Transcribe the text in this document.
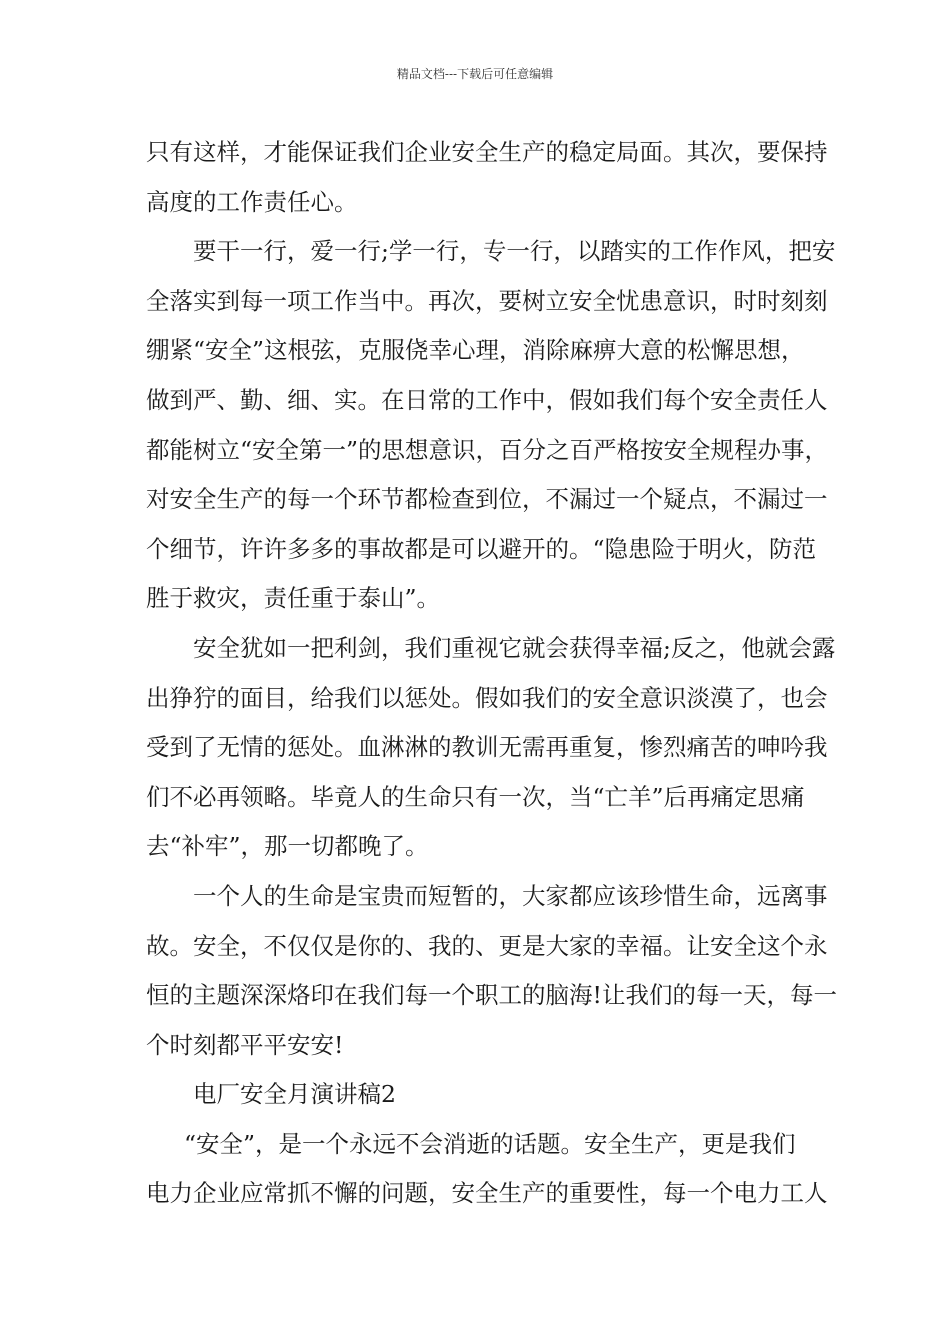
精品文档---下载后可任意编辑
只有这样，才能保证我们企业安全生产的稳定局面。其次，要保持
高度的工作责任心。
要干一行，爱一行;学一行，专一行，以踏实的工作作风，把安
全落实到每一项工作当中。再次，要树立安全忧患意识，时时刻刻
绷紧“安全”这根弦，克服侥幸心理，消除麻痹大意的松懈思想，
做到严、勤、细、实。在日常的工作中，假如我们每个安全责任人
都能树立“安全第一”的思想意识，百分之百严格按安全规程办事，
对安全生产的每一个环节都检查到位，不漏过一个疑点，不漏过一
个细节，许许多多的事故都是可以避开的。“隐患险于明火，防范
胜于救灾，责任重于泰山”。
安全犹如一把利剑，我们重视它就会获得幸福;反之，他就会露
出狰狞的面目，给我们以惩处。假如我们的安全意识淡漠了，也会
受到了无情的惩处。血淋淋的教训无需再重复，惨烈痛苦的呻吟我
们不必再领略。毕竟人的生命只有一次，当“亡羊”后再痛定思痛
去“补牢”，那一切都晚了。
一个人的生命是宝贵而短暂的，大家都应该珍惜生命，远离事
故。安全，不仅仅是你的、我的、更是大家的幸福。让安全这个永
恒的主题深深烙印在我们每一个职工的脑海!让我们的每一天，每一
个时刻都平平安安!
电厂安全月演讲稿2
“安全”，是一个永远不会消逝的话题。安全生产，更是我们
电力企业应常抓不懈的问题，安全生产的重要性，每一个电力工人
